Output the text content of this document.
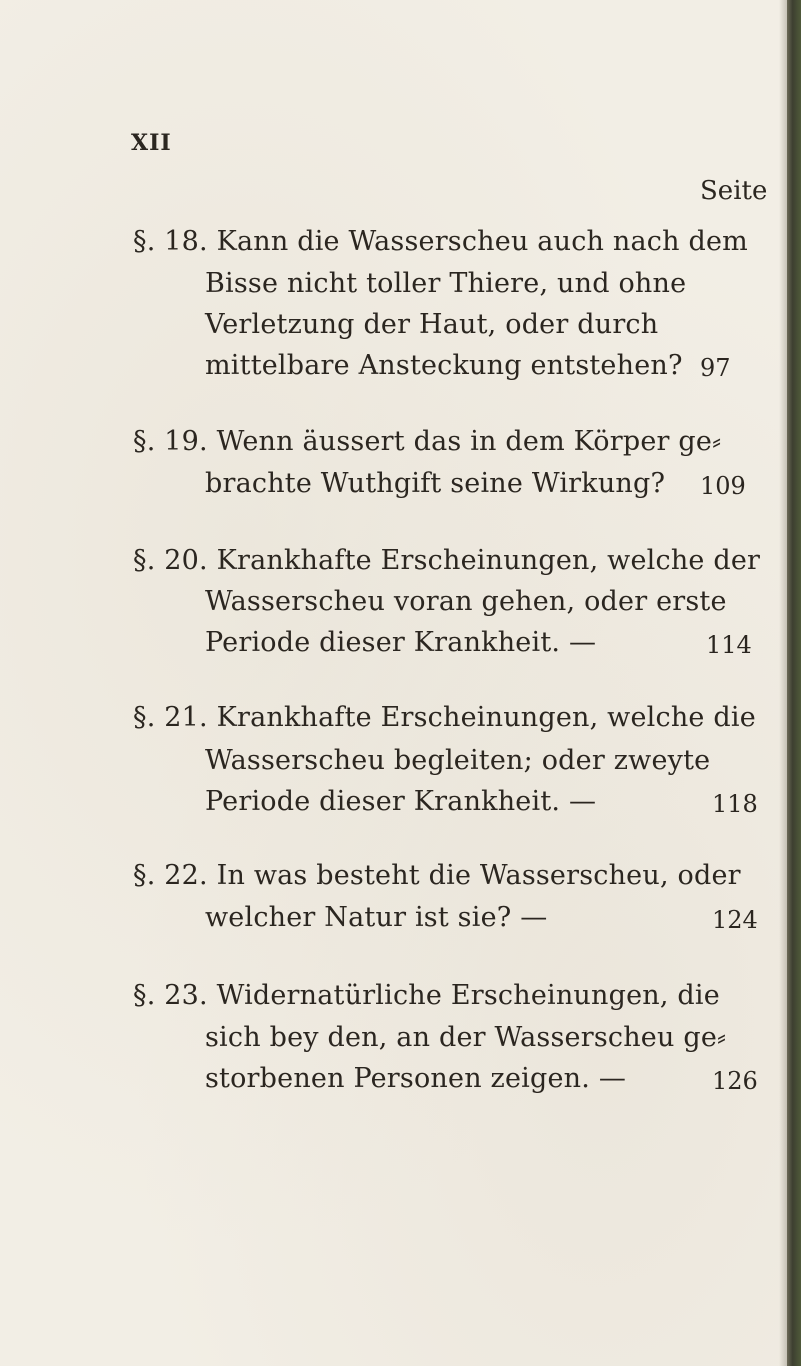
XII
Seite
§. 18. Kann die Wasserscheu auch nach dem
Bisse nicht toller Thiere, und ohne
Verletzung der Haut, oder durch
mittelbare Ansteckung entstehen? 97
§. 19. Wenn äussert das in dem Körper ge⸗
brachte Wuthgift seine Wirkung? 109
§. 20. Krankhafte Erscheinungen, welche der
Wasserscheu voran gehen, oder erste
Periode dieser Krankheit. —	114
§. 21. Krankhafte Erscheinungen, welche die
Wasserscheu begleiten; oder zweyte
Periode dieser Krankheit. —	118
§. 22. In was besteht die Wasserscheu, oder
welcher Natur ist sie? —	124
§. 23. Widernatürliche Erscheinungen, die
sich bey den, an der Wasserscheu ge⸗
storbenen Personen zeigen. —	126
